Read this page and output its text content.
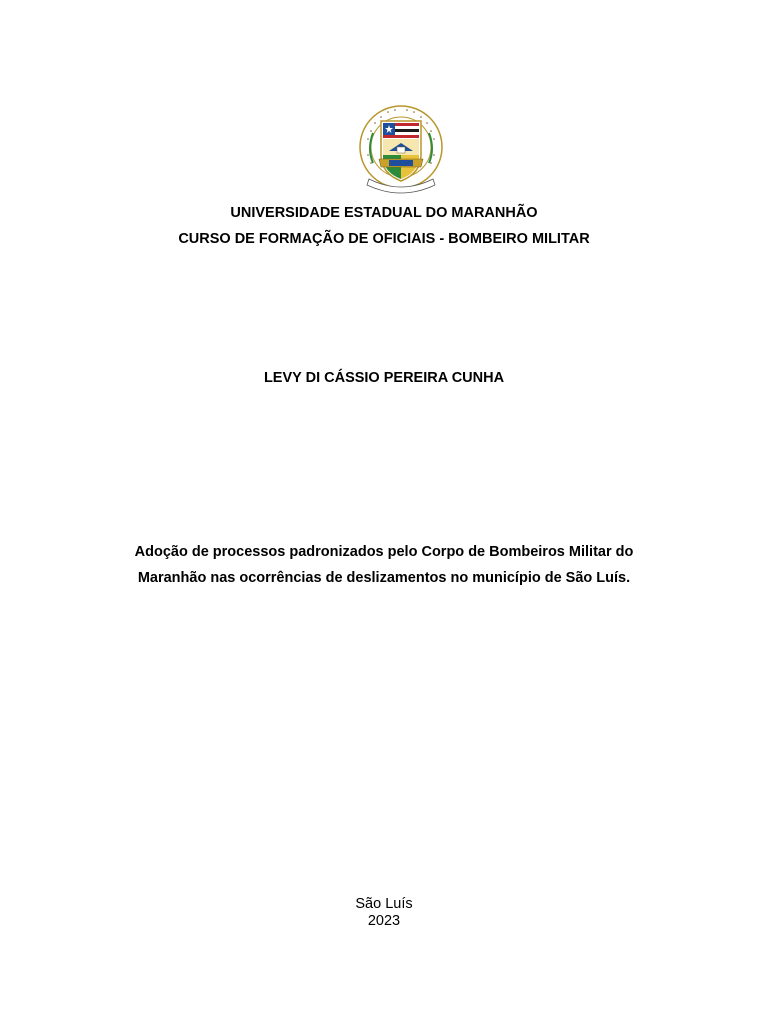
UNIVERSIDADE ESTADUAL DO MARANHÃO
CURSO DE FORMAÇÃO DE OFICIAIS - BOMBEIRO MILITAR
LEVY DI CÁSSIO PEREIRA CUNHA
Adoção de processos padronizados pelo Corpo de Bombeiros Militar do
Maranhão nas ocorrências de deslizamentos no município de São Luís.
São Luís
2023
